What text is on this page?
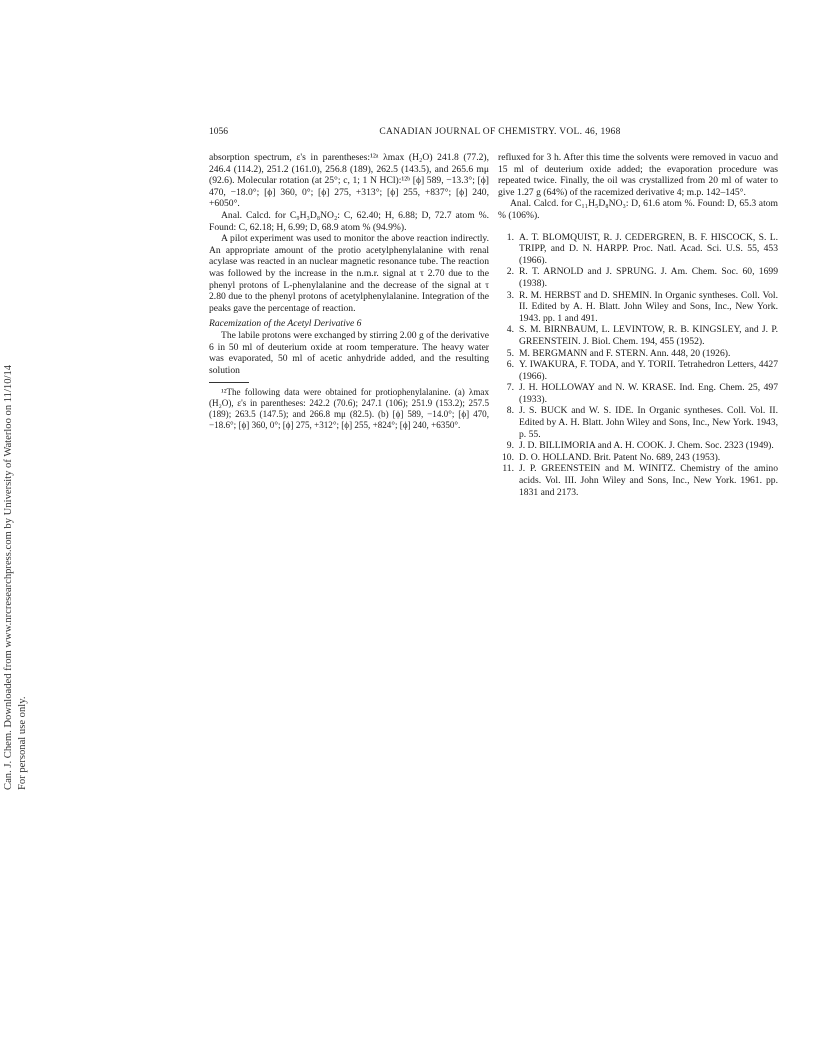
Can. J. Chem. Downloaded from www.nrcresearchpress.com by University of Waterloo on 11/10/14 For personal use only.
1056	CANADIAN JOURNAL OF CHEMISTRY. VOL. 46, 1968

absorption spectrum, ε's in parentheses:¹²ᵃ λmax (H₂O) 241.8 (77.2), 246.4 (114.2), 251.2 (161.0), 256.8 (189), 262.5 (143.5), and 265.6 mμ (92.6). Molecular rotation (at 25°; c, 1; 1 N HCl):¹²ᵇ [ϕ] 589, −13.3°; [ϕ] 470, −18.0°; [ϕ] 360, 0°; [ϕ] 275, +313°; [ϕ] 255, +837°; [ϕ] 240, +6050°.

Anal. Calcd. for C₉H₃D₈NO₂: C, 62.40; H, 6.88; D, 72.7 atom %. Found: C, 62.18; H, 6.99; D, 68.9 atom % (94.9%).

A pilot experiment was used to monitor the above reaction indirectly. An appropriate amount of the protio acetylphenylalanine with renal acylase was reacted in an nuclear magnetic resonance tube. The reaction was followed by the increase in the n.m.r. signal at τ 2.70 due to the phenyl protons of L-phenylalanine and the decrease of the signal at τ 2.80 due to the phenyl protons of acetylphenylalanine. Integration of the peaks gave the percentage of reaction.

Racemization of the Acetyl Derivative 6

The labile protons were exchanged by stirring 2.00 g of the derivative 6 in 50 ml of deuterium oxide at room temperature. The heavy water was evaporated, 50 ml of acetic anhydride added, and the resulting solution

¹²The following data were obtained for protiophenylalanine. (a) λmax (H₂O), ε's in parentheses: 242.2 (70.6); 247.1 (106); 251.9 (153.2); 257.5 (189); 263.5 (147.5); and 266.8 mμ (82.5). (b) [ϕ] 589, −14.0°; [ϕ] 470, −18.6°; [ϕ] 360, 0°; [ϕ] 275, +312°; [ϕ] 255, +824°; [ϕ] 240, +6350°.

refluxed for 3 h. After this time the solvents were removed in vacuo and 15 ml of deuterium oxide added; the evaporation procedure was repeated twice. Finally, the oil was crystallized from 20 ml of water to give 1.27 g (64%) of the racemized derivative 4; m.p. 142–145°.

Anal. Calcd. for C₁₁H₅D₈NO₃: D, 61.6 atom %. Found: D, 65.3 atom % (106%).

1. A. T. BLOMQUIST, R. J. CEDERGREN, B. F. HISCOCK, S. L. TRIPP, and D. N. HARPP. Proc. Natl. Acad. Sci. U.S. 55, 453 (1966).
2. R. T. ARNOLD and J. SPRUNG. J. Am. Chem. Soc. 60, 1699 (1938).
3. R. M. HERBST and D. SHEMIN. In Organic syntheses. Coll. Vol. II. Edited by A. H. Blatt. John Wiley and Sons, Inc., New York. 1943. pp. 1 and 491.
4. S. M. BIRNBAUM, L. LEVINTOW, R. B. KINGSLEY, and J. P. GREENSTEIN. J. Biol. Chem. 194, 455 (1952).
5. M. BERGMANN and F. STERN. Ann. 448, 20 (1926).
6. Y. IWAKURA, F. TODA, and Y. TORII. Tetrahedron Letters, 4427 (1966).
7. J. H. HOLLOWAY and N. W. KRASE. Ind. Eng. Chem. 25, 497 (1933).
8. J. S. BUCK and W. S. IDE. In Organic syntheses. Coll. Vol. II. Edited by A. H. Blatt. John Wiley and Sons, Inc., New York. 1943, p. 55.
9. J. D. BILLIMORIA and A. H. COOK. J. Chem. Soc. 2323 (1949).
10. D. O. HOLLAND. Brit. Patent No. 689, 243 (1953).
11. J. P. GREENSTEIN and M. WINITZ. Chemistry of the amino acids. Vol. III. John Wiley and Sons, Inc., New York. 1961. pp. 1831 and 2173.
